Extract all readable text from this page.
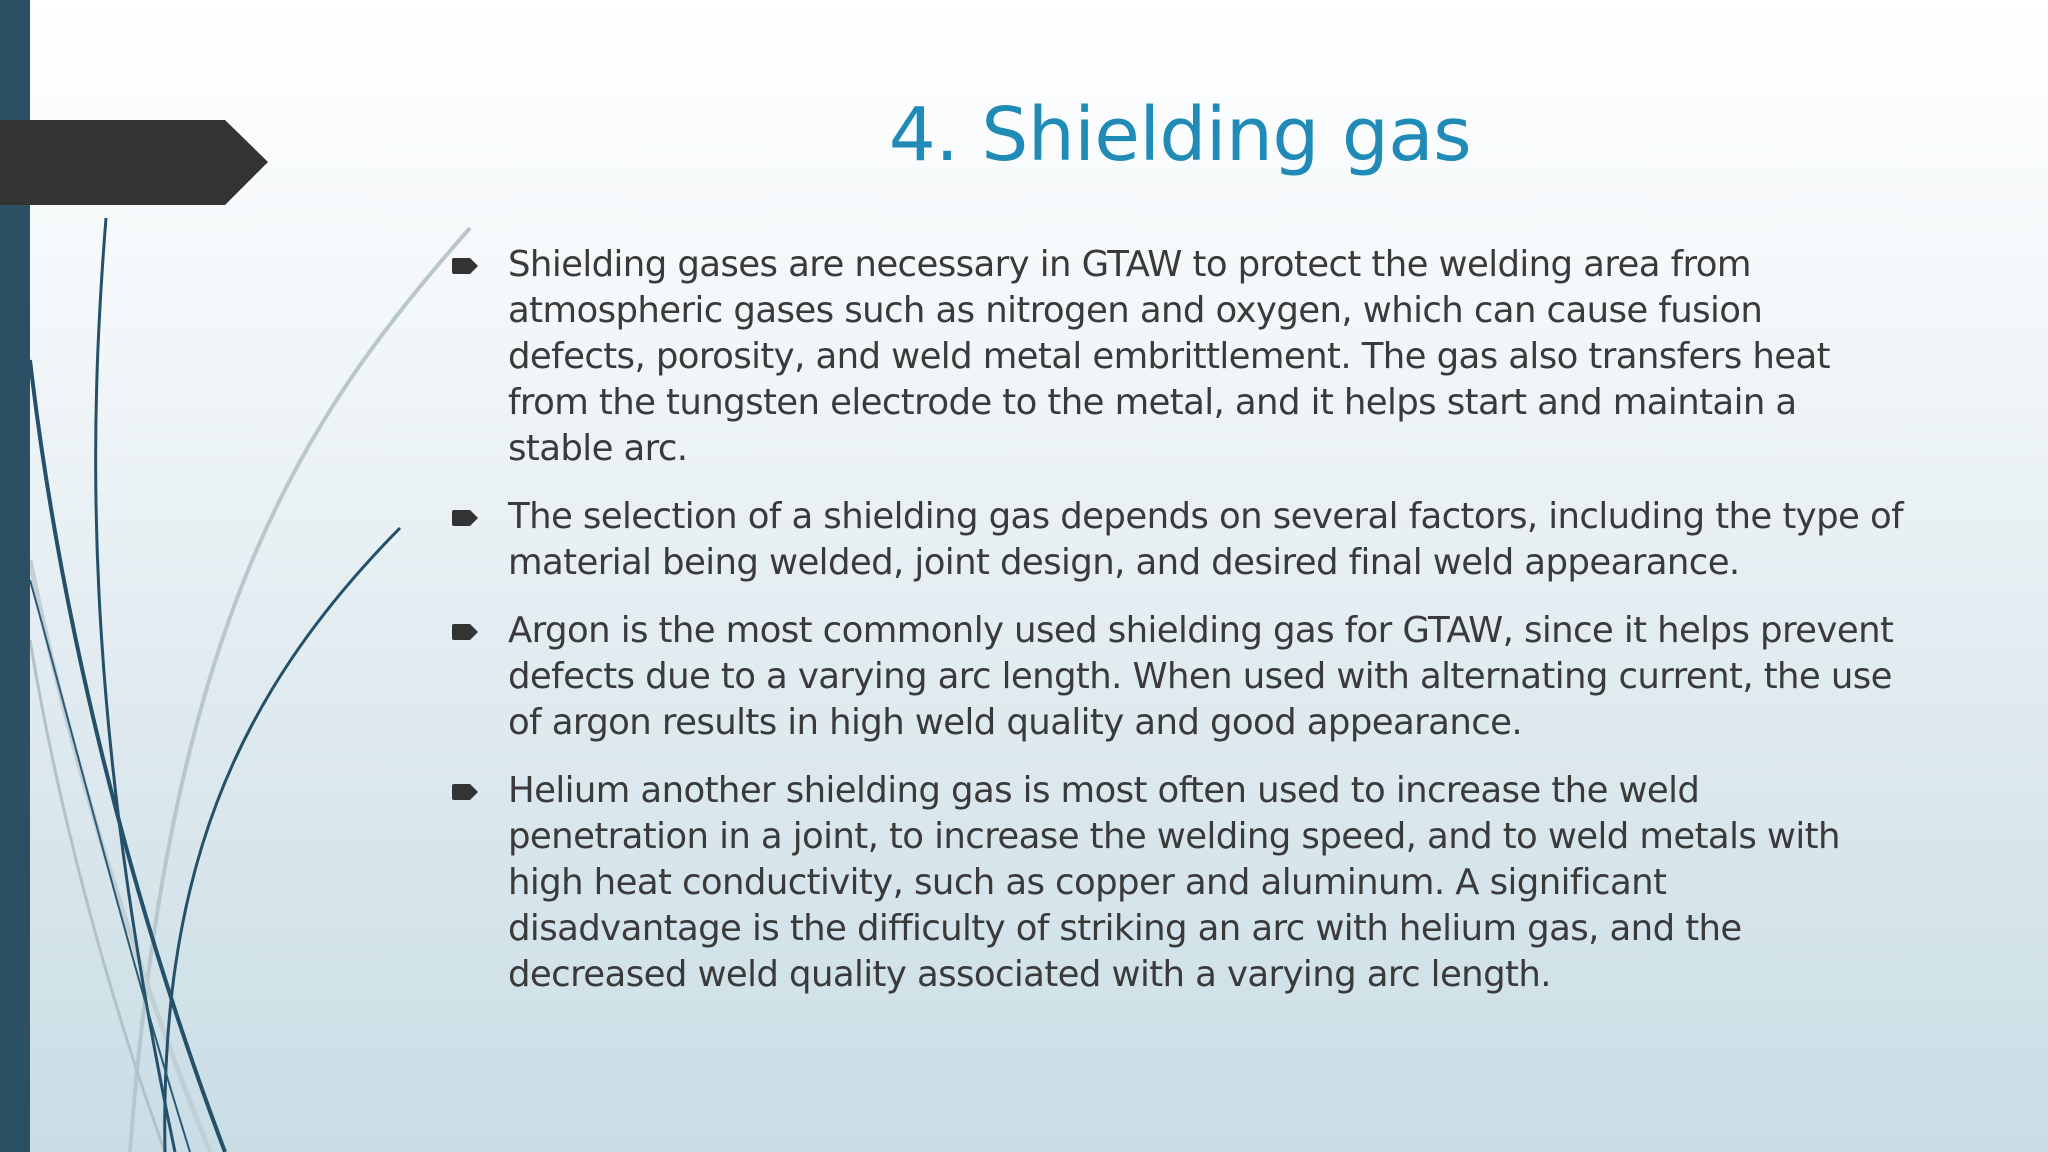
4. Shielding gas
Shielding gases are necessary in GTAW to protect the welding area from atmospheric gases such as nitrogen and oxygen, which can cause fusion defects, porosity, and weld metal embrittlement. The gas also transfers heat from the tungsten electrode to the metal, and it helps start and maintain a stable arc.
The selection of a shielding gas depends on several factors, including the type of material being welded, joint design, and desired final weld appearance.
Argon is the most commonly used shielding gas for GTAW, since it helps prevent defects due to a varying arc length. When used with alternating current, the use of argon results in high weld quality and good appearance.
Helium another shielding gas is most often used to increase the weld penetration in a joint, to increase the welding speed, and to weld metals with high heat conductivity, such as copper and aluminum. A significant disadvantage is the difficulty of striking an arc with helium gas, and the decreased weld quality associated with a varying arc length.
